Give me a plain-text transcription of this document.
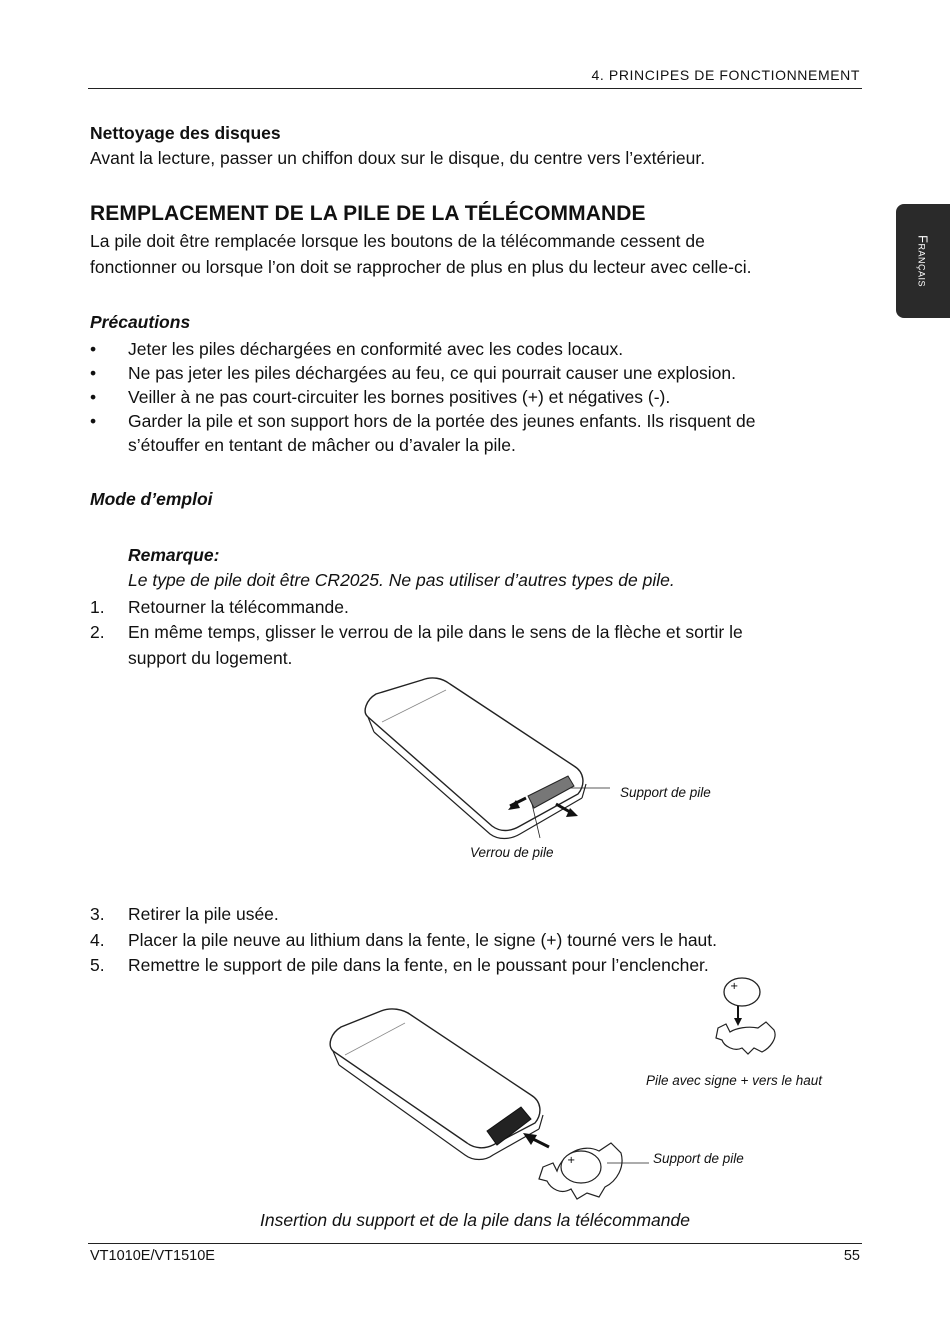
4. PRINCIPES DE FONCTIONNEMENT
Français
Nettoyage des disques
Avant la lecture, passer un chiffon doux sur le disque, du centre vers l’extérieur.
REMPLACEMENT DE LA PILE DE LA TÉLÉCOMMANDE
La pile doit être remplacée lorsque les boutons de la télécommande cessent de
fonctionner ou lorsque l’on doit se rapprocher de plus en plus du lecteur avec celle-ci.
Précautions
• Jeter les piles déchargées en conformité avec les codes locaux.
• Ne pas jeter les piles déchargées au feu, ce qui pourrait causer une explosion.
• Veiller à ne pas court-circuiter les bornes positives (+) et négatives (-).
• Garder la pile et son support hors de la portée des jeunes enfants. Ils risquent de
s’étouffer en tentant de mâcher ou d’avaler la pile.
Mode d’emploi
Remarque:
Le type de pile doit être CR2025. Ne pas utiliser d’autres types de pile.
1. Retourner la télécommande.
2. En même temps, glisser le verrou de la pile dans le sens de la flèche et sortir le
support du logement.
Support de pile
Verrou de pile
3. Retirer la pile usée.
4. Placer la pile neuve au lithium dans la fente, le signe (+) tourné vers le haut.
5. Remettre le support de pile dans la fente, en le poussant pour l’enclencher.
+
Pile avec signe + vers le haut
+	Support de pile
Insertion du support et de la pile dans la télécommande
VT1010E/VT1510E	55
